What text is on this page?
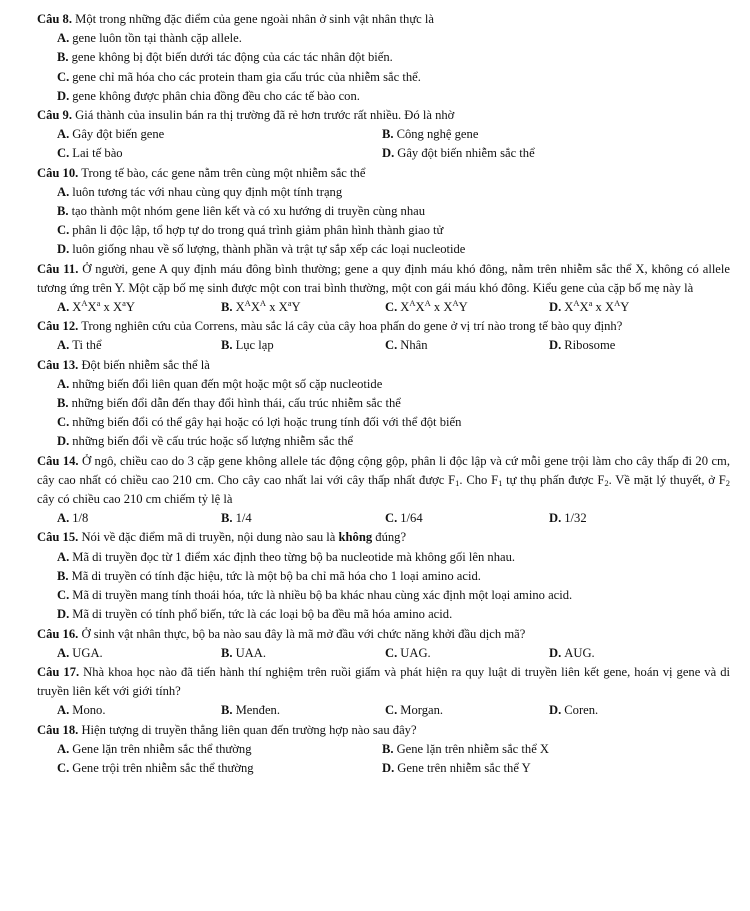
Câu 8. Một trong những đặc điểm của gene ngoài nhân ở sinh vật nhân thực là
A. gene luôn tồn tại thành cặp allele.
B. gene không bị đột biến dưới tác động của các tác nhân đột biến.
C. gene chỉ mã hóa cho các protein tham gia cấu trúc của nhiễm sắc thể.
D. gene không được phân chia đồng đều cho các tế bào con.
Câu 9. Giá thành của insulin bán ra thị trường đã rẻ hơn trước rất nhiều. Đó là nhờ
A. Gây đột biến gene	B. Công nghệ gene
C. Lai tế bào	D. Gây đột biến nhiễm sắc thể
Câu 10. Trong tế bào, các gene nằm trên cùng một nhiễm sắc thể
A. luôn tương tác với nhau cùng quy định một tính trạng
B. tạo thành một nhóm gene liên kết và có xu hướng di truyền cùng nhau
C. phân li độc lập, tổ hợp tự do trong quá trình giảm phân hình thành giao tử
D. luôn giống nhau về số lượng, thành phần và trật tự sắp xếp các loại nucleotide
Câu 11. Ở người, gene A quy định máu đông bình thường; gene a quy định máu khó đông, nằm trên nhiễm sắc thể X, không có allele tương ứng trên Y. Một cặp bố mẹ sinh được một con trai bình thường, một con gái máu khó đông. Kiểu gene của cặp bố mẹ này là
A. $X^AX^a$ x $X^aY$	B. $X^AX^A$ x $X^aY$	C. $X^AX^A$ x $X^AY$	D. $X^AX^a$ x $X^AY$
Câu 12. Trong nghiên cứu của Correns, màu sắc lá cây của cây hoa phấn do gene ở vị trí nào trong tế bào quy định?
A. Ti thể	B. Lục lạp	C. Nhân	D. Ribosome
Câu 13. Đột biến nhiễm sắc thể là
A. những biến đổi liên quan đến một hoặc một số cặp nucleotide
B. những biến đổi dẫn đến thay đổi hình thái, cấu trúc nhiễm sắc thể
C. những biến đổi có thể gây hại hoặc có lợi hoặc trung tính đối với thể đột biến
D. những biến đổi về cấu trúc hoặc số lượng nhiễm sắc thể
Câu 14. Ở ngô, chiều cao do 3 cặp gene không allele tác động cộng gộp, phân li độc lập và cứ mỗi gene trội làm cho cây thấp đi 20 cm, cây cao nhất có chiều cao 210 cm. Cho cây cao nhất lai với cây thấp nhất được $F_1$. Cho $F_1$ tự thụ phấn được $F_2$. Về mặt lý thuyết, ở $F_2$ cây có chiều cao 210 cm chiếm tỷ lệ là
A. 1/8	B. 1/4	C. 1/64	D. 1/32
Câu 15. Nói về đặc điểm mã di truyền, nội dung nào sau là không đúng?
A. Mã di truyền đọc từ 1 điểm xác định theo từng bộ ba nucleotide mà không gối lên nhau.
B. Mã di truyền có tính đặc hiệu, tức là một bộ ba chỉ mã hóa cho 1 loại amino acid.
C. Mã di truyền mang tính thoái hóa, tức là nhiều bộ ba khác nhau cùng xác định một loại amino acid.
D. Mã di truyền có tính phổ biến, tức là các loại bộ ba đều mã hóa amino acid.
Câu 16. Ở sinh vật nhân thực, bộ ba nào sau đây là mã mở đầu với chức năng khởi đầu dịch mã?
A. UGA.	B. UAA.	C. UAG.	D. AUG.
Câu 17. Nhà khoa học nào đã tiến hành thí nghiệm trên ruồi giấm và phát hiện ra quy luật di truyền liên kết gene, hoán vị gene và di truyền liên kết với giới tính?
A. Mono.	B. Menđen.	C. Morgan.	D. Coren.
Câu 18. Hiện tượng di truyền thẳng liên quan đến trường hợp nào sau đây?
A. Gene lặn trên nhiễm sắc thể thường	B. Gene lặn trên nhiễm sắc thể X
C. Gene trội trên nhiễm sắc thể thường	D. Gene trên nhiễm sắc thể Y
